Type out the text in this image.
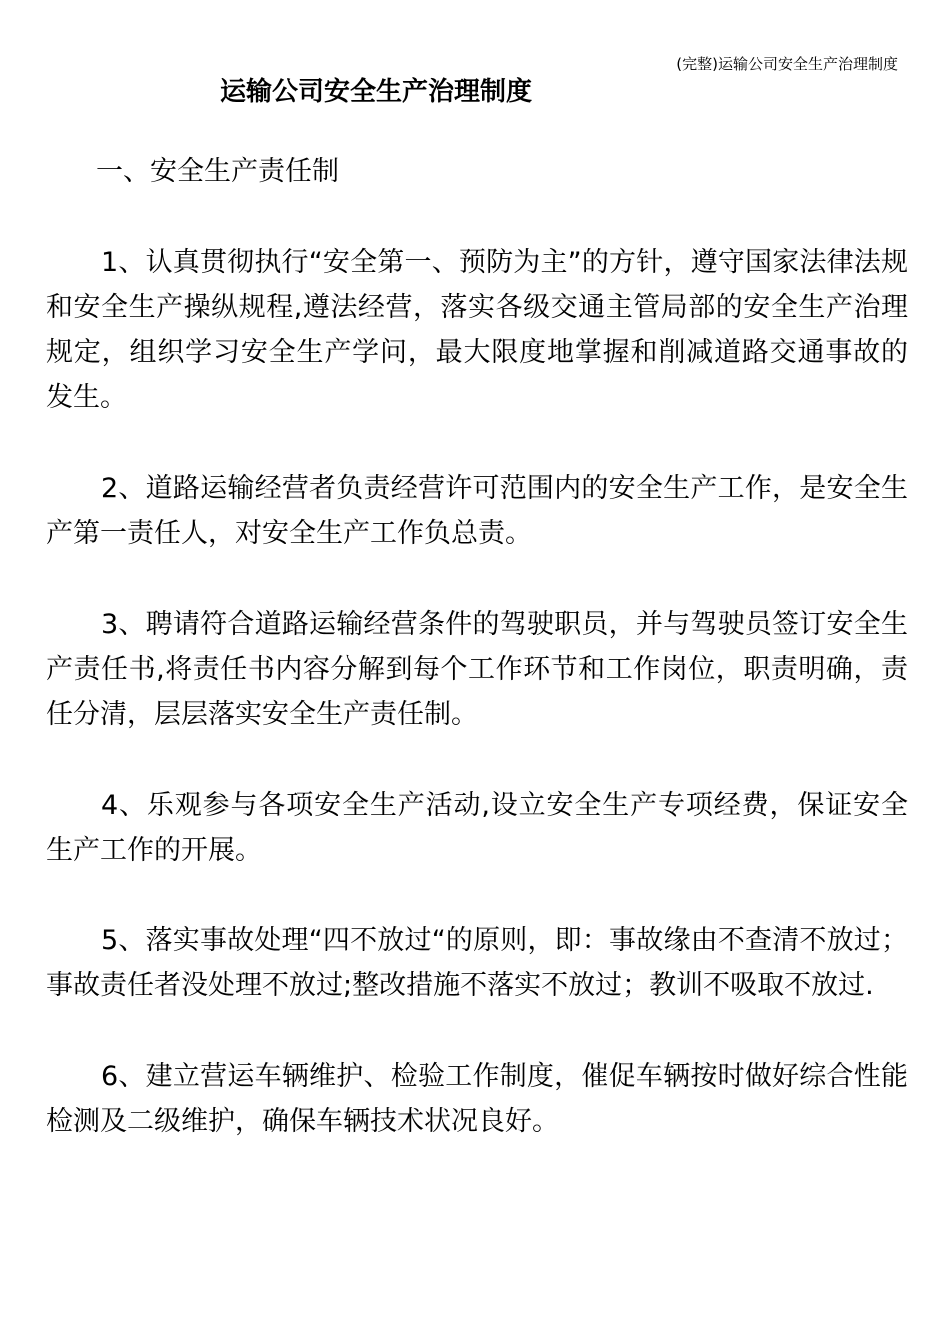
(完整)运输公司安全生产治理制度
运输公司安全生产治理制度
一、安全生产责任制

1、认真贯彻执行“安全第一、预防为主”的方针，遵守国家法律法规和安全生产操纵规程,遵法经营，落实各级交通主管局部的安全生产治理规定，组织学习安全生产学问，最大限度地掌握和削减道路交通事故的发生。

2、道路运输经营者负责经营许可范围内的安全生产工作，是安全生产第一责任人，对安全生产工作负总责。

3、聘请符合道路运输经营条件的驾驶职员，并与驾驶员签订安全生产责任书,将责任书内容分解到每个工作环节和工作岗位，职责明确，责任分清，层层落实安全生产责任制。

4、乐观参与各项安全生产活动,设立安全生产专项经费，保证安全生产工作的开展。

5、落实事故处理“四不放过“的原则，即：事故缘由不查清不放过；事故责任者没处理不放过;整改措施不落实不放过；教训不吸取不放过.

6、建立营运车辆维护、检验工作制度，催促车辆按时做好综合性能检测及二级维护，确保车辆技术状况良好。
